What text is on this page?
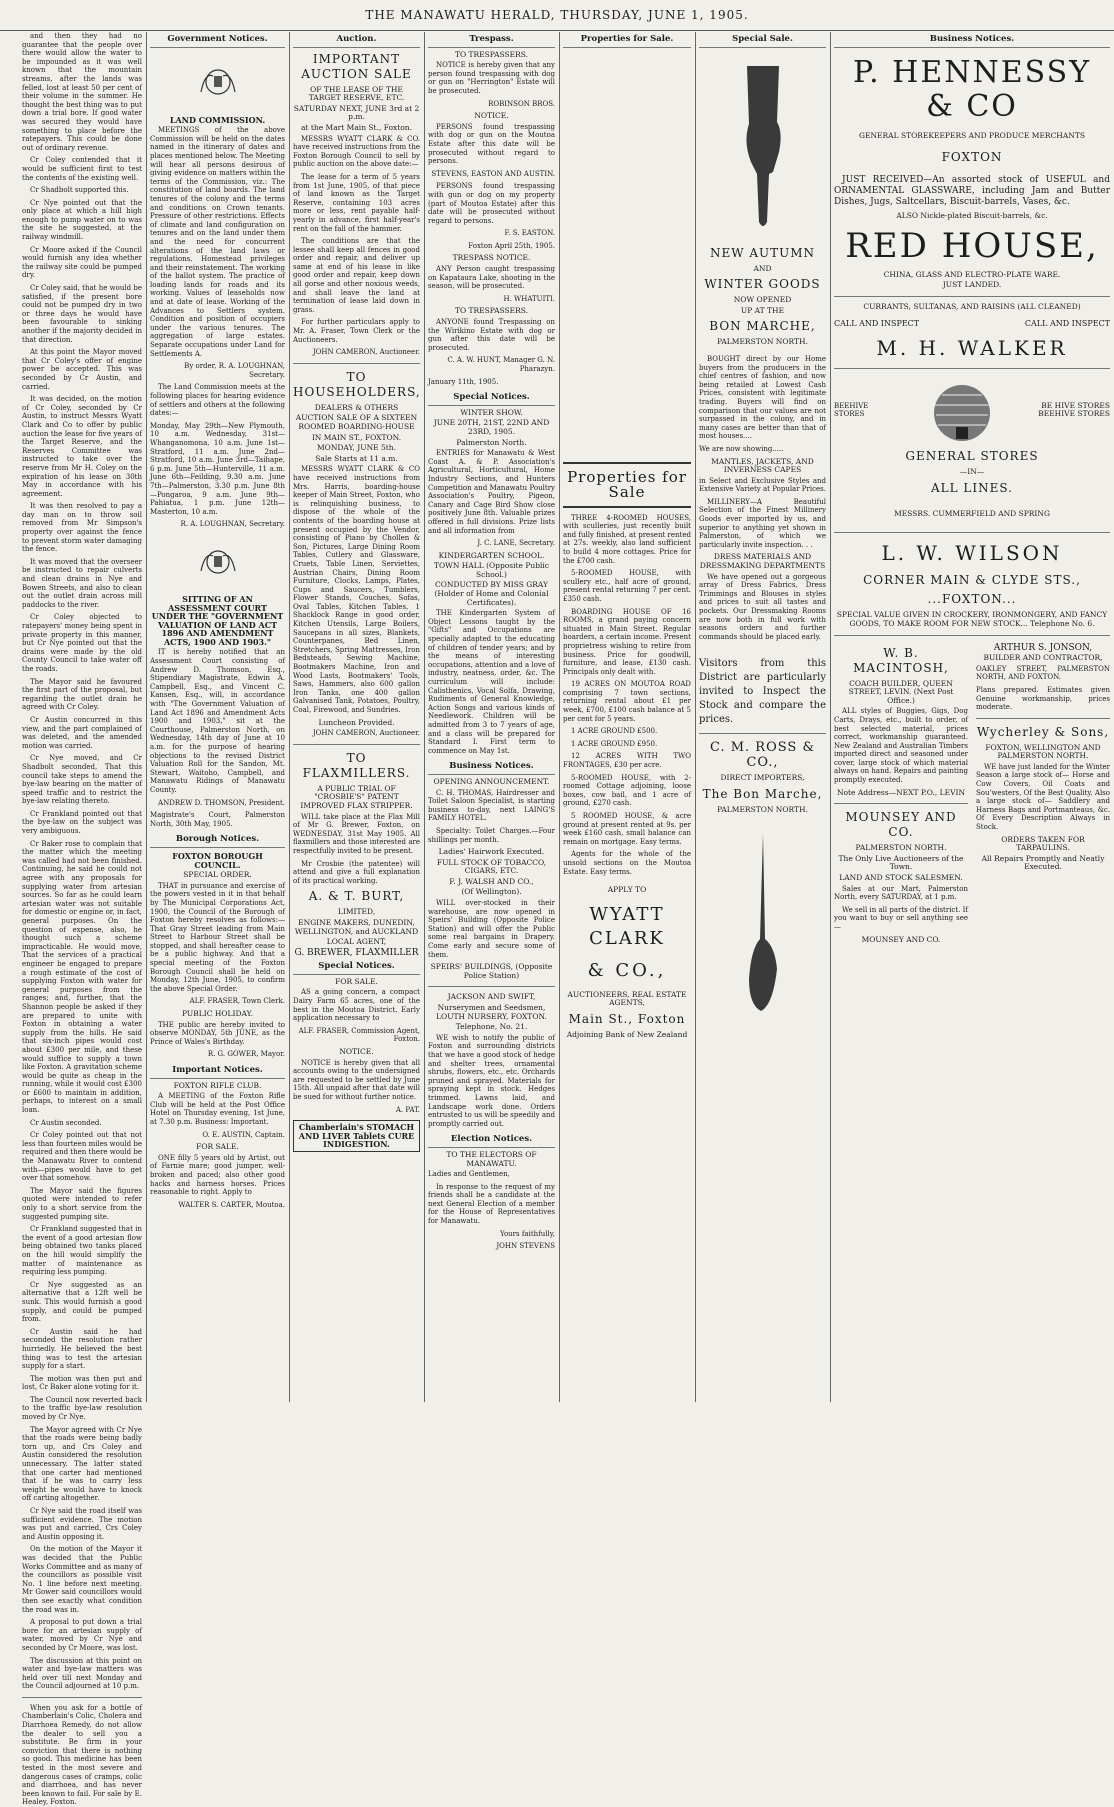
THE MANAWATU HERALD, THURSDAY, JUNE 1, 1905.

and then they had no guarantee that the people over there would allow the water to be impounded as it was well known that the mountain streams, after the lands was felled, lost at least 50 per cent of their volume in the summer. He thought the best thing was to put down a trial bore. If good water was secured they would have something to place before the ratepayers. This could be done out of ordinary revenue.

Cr Coley contended that it would be sufficient first to test the contents of the existing well.

Cr Shadbolt supported this.

Cr Nye pointed out that the only place at which a hill high enough to pump water on to was the site he suggested, at the railway windmill.

Cr Moore asked if the Council would furnish any idea whether the railway site could be pumped dry.

Cr Coley said, that he would be satisfied, if the present bore could not be pumped dry in two or three days he would have been favourable to sinking another if the majority decided in that direction.

At this point the Mayor moved that Cr Coley's offer of engine power be accepted. This was seconded by Cr Austin, and carried.

It was decided, on the motion of Cr Coley, seconded by Cr Austin, to instruct Messrs Wyatt Clark and Co to offer by public auction the lease for five years of the Target Reserve, and the Reserves Committee was instructed to take over the reserve from Mr H. Coley on the expiration of his lease on 30th May in accordance with his agreement.

It was then resolved to pay a day man on to throw soil removed from Mr Simpson's property over against the fence to prevent storm water damaging the fence.

It was moved that the overseer be instructed to repair culverts and clean drains in Nye and Bowen Streets, and also to clean out the outlet drain across mill paddocks to the river.

Cr Coley objected to ratepayers' money being spent in private property in this manner, but Cr Nye pointed out that the drains were made by the old County Council to take water off the roads.

The Mayor said he favoured the first part of the proposal, but regarding the outlet drain he agreed with Cr Coley.

Cr Austin concurred in this view, and the part complained of was deleted, and the amended motion was carried.

Cr Nye moved, and Cr Shadbolt seconded, That this council take steps to amend the bye-law bearing on the matter of speed traffic and to restrict the bye-law relating thereto.

Cr Frankland pointed out that the bye-law on the subject was very ambiguous.

Cr Baker rose to complain that the matter which the meeting was called had not been finished. Continuing, he said he could not agree with any proposals for supplying water from artesian sources. So far as he could learn artesian water was not suitable for domestic or engine or, in fact, general purposes. On the question of expense, also, he thought such a scheme impracticable. He would move, That the services of a practical engineer be engaged to prepare a rough estimate of the cost of supplying Foxton with water for general purposes from the ranges; and, further, that the Shannon people be asked if they are prepared to unite with Foxton in obtaining a water supply from the hills. He said that six-inch pipes would cost about £300 per mile, and these would suffice to supply a town like Foxton. A gravitation scheme would be quite as cheap in the running, while it would cost £300 or £600 to maintain in addition, perhaps, to interest on a small loan.

Cr Austin seconded.

Cr Coley pointed out that not less than fourteen miles would be required and then there would be the Manawatu River to contend with—pipes would have to get over that somehow.

The Mayor said the figures quoted were intended to refer only to a short service from the suggested pumping site.

Cr Frankland suggested that in the event of a good artesian flow being obtained two tanks placed on the hill would simplify the matter of maintenance as requiring less pumping.

Cr Nye suggested as an alternative that a 12ft well be sunk. This would furnish a good supply, and could be pumped from.

Cr Austin said he had seconded the resolution rather hurriedly. He believed the best thing was to test the artesian supply for a start.

The motion was then put and lost, Cr Baker alone voting for it.

The Council now reverted back to the traffic bye-law resolution moved by Cr Nye.

The Mayor agreed with Cr Nye that the roads were being badly torn up, and Crs Coley and Austin considered the resolution unnecessary. The latter stated that one carter had mentioned that if he was to carry less weight he would have to knock off carting altogether.

Cr Nye said the road itself was sufficient evidence. The motion was put and carried, Crs Coley and Austin opposing it.

On the motion of the Mayor it was decided that the Public Works Committee and as many of the councillors as possible visit No. 1 line before next meeting. Mr Gower said councillors would then see exactly what condition the road was in.

A proposal to put down a trial bore for an artesian supply of water, moved by Cr Nye and seconded by Cr Moore, was lost.

The discussion at this point on water and bye-law matters was held over till next Monday and the Council adjourned at 10 p.m.

When you ask for a bottle of Chamberlain's Colic, Cholera and Diarrhoea Remedy, do not allow the dealer to sell you a substitute. Be firm in your conviction that there is nothing so good. This medicine has been tested in the most severe and dangerous cases of cramps, colic and diarrhoea, and has never been known to fail. For sale by E. Healey, Foxton.

Government Notices.
LAND COMMISSION.

MEETINGS of the above Commission will be held on the dates named in the itinerary of dates and places mentioned below. The Meeting will hear all persons desirous of giving evidence on matters within the terms of the Commission, viz.: The constitution of land boards. The land tenures of the colony and the terms and conditions on Crown tenants. Pressure of other restrictions. Effects of climate and land configuration on tenures and on the land under them and the need for concurrent alterations of the land laws or regulations. Homestead privileges and their reinstatement. The working of the ballot system. The practice of loading lands for roads and its working. Values of leaseholds now and at date of lease. Working of the Advances to Settlers system. Condition and position of occupiers under the various tenures. The aggregation of large estates. Separate occupations under Land for Settlements A.

By order, R. A. LOUGHNAN, Secretary.

The Land Commission meets at the following places for hearing evidence of settlers and others at the following dates:—

Monday, May 29th—New Plymouth, 10 a.m. Wednesday, 31st—Whanganomona, 10 a.m. June 1st—Stratford, 11 a.m. June 2nd—Stratford, 10 a.m. June 3rd—Taihape, 6 p.m. June 5th—Hunterville, 11 a.m. June 6th—Feilding, 9.30 a.m. June 7th—Palmerston, 3.30 p.m. June 8th—Pongaroa, 9 a.m. June 9th—Pahiatua, 1 p.m. June 12th—Masterton, 10 a.m.

R. A. LOUGHNAN, Secretary.

SITTING OF AN ASSESSMENT COURT UNDER THE "GOVERNMENT VALUATION OF LAND ACT 1896 AND AMENDMENT ACTS, 1900 AND 1903."

IT is hereby notified that an Assessment Court consisting of Andrew D. Thomson, Esq., Stipendiary Magistrate, Edwin A. Campbell, Esq., and Vincent C. Kansen, Esq., will, in accordance with "The Government Valuation of Land Act 1896 and Amendment Acts 1900 and 1903," sit at the Courthouse, Palmerston North, on Wednesday, 14th day of June at 10 a.m. for the purpose of hearing objections to the revised District Valuation Roll for the Sandon, Mt. Stewart, Waitoho, Campbell, and Manawatu Ridings of Manawatu County.

ANDREW D. THOMSON, President.

Magistrate's Court, Palmerston North, 30th May, 1905.

Borough Notices.
FOXTON BOROUGH COUNCIL.
SPECIAL ORDER.

THAT in pursuance and exercise of the powers vested in it in that behalf by The Municipal Corporations Act, 1900, the Council of the Borough of Foxton hereby resolves as follows:— That Gray Street leading from Main Street to Harbour Street shall be stopped, and shall hereafter cease to be a public highway. And that a special meeting of the Foxton Borough Council shall be held on Monday, 12th June, 1905, to confirm the above Special Order.

ALF. FRASER, Town Clerk.

PUBLIC HOLIDAY.

THE public are hereby invited to observe MONDAY, 5th JUNE, as the Prince of Wales's Birthday.

R. G. GOWER, Mayor.

Important Notices.
FOXTON RIFLE CLUB.

A MEETING of the Foxton Rifle Club will be held at the Post Office Hotel on Thursday evening, 1st June, at 7.30 p.m. Business: Important.

O. E. AUSTIN, Captain.

FOR SALE.

ONE filly 5 years old by Artist, out of Farnie mare; good jumper, well-broken and paced; also other good hacks and harness horses. Prices reasonable to right. Apply to

WALTER S. CARTER, Moutoa.

Auction.
IMPORTANT AUCTION SALE
OF THE LEASE OF THE TARGET RESERVE, ETC.
SATURDAY NEXT, JUNE 3rd at 2 p.m.
at the Mart Main St., Foxton.

MESSRS WYATT CLARK & CO. have received instructions from the Foxton Borough Council to sell by public auction on the above date:—

The lease for a term of 5 years from 1st June, 1905, of that piece of land known as the Target Reserve, containing 103 acres more or less, rent payable half-yearly in advance, first half-year's rent on the fall of the hammer.

The conditions are that the lessee shall keep all fences in good order and repair, and deliver up same at end of his lease in like good order and repair, keep down all gorse and other noxious weeds, and shall leave the land at termination of lease laid down in grass.

For further particulars apply to Mr. A. Fraser, Town Clerk or the Auctioneers.

JOHN CAMERON, Auctioneer.

TO HOUSEHOLDERS,
DEALERS & OTHERS
AUCTION SALE OF A SIXTEEN ROOMED BOARDING-HOUSE
IN MAIN ST., FOXTON.
MONDAY, JUNE 5th.
Sale Starts at 11 a.m.

MESSRS WYATT CLARK & CO have received instructions from Mrs. Harris, boarding-house keeper of Main Street, Foxton, who is relinquishing business, to dispose of the whole of the contents of the boarding house at present occupied by the Vendor, consisting of Piano by Chollen & Son, Pictures, Large Dining Room Tables, Cutlery and Glassware, Cruets, Table Linen, Serviettes, Austrian Chairs, Dining Room Furniture, Clocks, Lamps, Plates, Cups and Saucers, Tumblers, Flower Stands, Couches, Sofas, Oval Tables, Kitchen Tables, 1 Shacklock Range in good order, Kitchen Utensils, Large Boilers, Saucepans in all sizes, Blankets, Counterpanes, Bed Linen, Stretchers, Spring Mattresses, Iron Bedsteads, Sewing Machine, Bootmakers Machine, Iron and Wood Lasts, Bootmakers' Tools, Saws, Hammers, also 600 gallon Iron Tanks, one 400 gallon Galvanised Tank, Potatoes, Poultry, Coal, Firewood, and Sundries.

Luncheon Provided.

JOHN CAMERON, Auctioneer.

TO FLAXMILLERS.
A PUBLIC TRIAL OF "CROSBIE'S" PATENT IMPROVED FLAX STRIPPER.

WILL take place at the Flax Mill of Mr G. Brewer, Foxton, on WEDNESDAY, 31st May 1905. All flaxmillers and those interested are respectfully invited to be present.

Mr Crosbie (the patentee) will attend and give a full explanation of its practical working.

A. & T. BURT,
LIMITED,
ENGINE MAKERS, DUNEDIN, WELLINGTON, and AUCKLAND
LOCAL AGENT,
G. BREWER, FLAXMILLER
Special Notices.
FOR SALE.

AS a going concern, a compact Dairy Farm 65 acres, one of the best in the Moutoa District. Early application necessary to

ALF. FRASER, Commission Agent, Foxton.

NOTICE.

NOTICE is hereby given that all accounts owing to the undersigned are requested to be settled by June 15th. All unpaid after that date will be sued for without further notice.

A. PAT.

Chamberlain's STOMACH AND LIVER Tablets CURE INDIGESTION.
Trespass.
TO TRESPASSERS.

NOTICE is hereby given that any person found trespassing with dog or gun on "Herrington" Estate will be prosecuted.

ROBINSON BROS.

NOTICE.

PERSONS found trespassing with dog or gun on the Moutoa Estate after this date will be prosecuted without regard to persons.

STEVENS, EASTON AND AUSTIN.

PERSONS found trespassing with gun or dog on my property (part of Moutoa Estate) after this date will be prosecuted without regard to persons.

F. S. EASTON.

Foxton April 25th, 1905.

TRESPASS NOTICE.

ANY Person caught trespassing on Kapataura Lake, shooting in the season, will be prosecuted.

H. WHATUITI.

TO TRESPASSERS.

ANYONE found Trespassing on the Wirikino Estate with dog or gun after this date will be prosecuted.

C. A. W. HUNT, Manager G. N. Pharazyn.

January 11th, 1905.

Special Notices.
WINTER SHOW.
JUNE 20TH, 21ST, 22ND AND 23RD, 1905.
Palmerston North.

ENTRIES for Manawatu & West Coast A. & P. Association's Agricultural, Horticultural, Home Industry Sections, and Hunters Competition and Manawatu Poultry Association's Poultry, Pigeon, Canary and Cage Bird Show close positively June 8th. Valuable prizes offered in full divisions. Prize lists and all information from

J. C. LANE, Secretary.

KINDERGARTEN SCHOOL.
TOWN HALL (Opposite Public School.)
CONDUCTED BY MISS GRAY (Holder of Home and Colonial Certificates).

THE Kindergarten System of Object Lessons taught by the "Gifts" and Occupations are specially adapted to the educating of children of tender years; and by the means of interesting occupations, attention and a love of industry, neatness, order, &c. The curriculum will include: Calisthenics, Vocal Solfa, Drawing, Rudiments of General Knowledge, Action Songs and various kinds of Needlework. Children will be admitted from 3 to 7 years of age, and a class will be prepared for Standard I. First term to commence on May 1st.

Business Notices.
OPENING ANNOUNCEMENT.

C. H. THOMAS, Hairdresser and Toilet Saloon Specialist, is starting business to-day, next LAING'S FAMILY HOTEL.

Specialty: Toilet Charges.—Four shillings per month.

Ladies' Hairwork Executed.
FULL STOCK OF TOBACCO, CIGARS, ETC.
F. J. WALSH AND CO.,
(Of Wellington).

WILL over-stocked in their warehouse, are now opened in Speirs' Building (Opposite Police Station) and will offer the Public some real bargains in Drapery. Come early and secure some of them.

SPEIRS' BUILDINGS, (Opposite Police Station)
JACKSON AND SWIFT,
Nurserymen and Seedsmen, LOUTH NURSERY, FOXTON.
Telephone, No. 21.

WE wish to notify the public of Foxton and surrounding districts that we have a good stock of hedge and shelter trees, ornamental shrubs, flowers, etc., etc. Orchards pruned and sprayed. Materials for spraying kept in stock. Hedges trimmed. Lawns laid, and Landscape work done. Orders entrusted to us will be speedily and promptly carried out.

Election Notices.
TO THE ELECTORS OF MANAWATU.

Ladies and Gentlemen,

In response to the request of my friends shall be a candidate at the next General Election of a member for the House of Representatives for Manawatu.

Yours faithfully,

JOHN STEVENS

Properties for Sale.
Properties for Sale

THREE 4-ROOMED HOUSES, with sculleries, just recently built and fully finished, at present rented at 27s. weekly, also land sufficient to build 4 more cottages. Price for the £700 cash.

5-ROOMED HOUSE, with scullery etc., half acre of ground, present rental returning 7 per cent. £350 cash.

BOARDING HOUSE OF 16 ROOMS, a grand paying concern situated in Main Street. Regular boarders, a certain income. Present proprietress wishing to retire from business. Price for goodwill, furniture, and lease, £130 cash. Principals only dealt with.

19 ACRES ON MOUTOA ROAD comprising 7 town sections, returning rental about £1 per week, £700, £100 cash balance at 5 per cent for 5 years.

1 ACRE GROUND £500.

1 ACRE GROUND £950.

12 ACRES WITH TWO FRONTAGES, £30 per acre.

5-ROOMED HOUSE, with 2-roomed Cottage adjoining, loose boxes, cow bail, and 1 acre of ground, £270 cash.

5 ROOMED HOUSE, & acre ground at present rented at 9s. per week £160 cash, small balance can remain on mortgage. Easy terms.

Agents for the whole of the unsold sections on the Moutoa Estate. Easy terms.

APPLY TO
WYATT CLARK
& CO.,
AUCTIONEERS, REAL ESTATE AGENTS,
Main St., Foxton
Adjoining Bank of New Zealand
Special Sale.
NEW AUTUMN
AND
WINTER GOODS
NOW OPENED
UP AT THE
BON MARCHE,
PALMERSTON NORTH.

BOUGHT direct by our Home buyers from the producers in the chief centres of fashion, and now being retailed at Lowest Cash Prices, consistent with legitimate trading. Buyers will find on comparison that our values are not surpassed in the colony, and in many cases are better than that of most houses....

We are now showing.....

MANTLES, JACKETS, AND INVERNESS CAPES

in Select and Exclusive Styles and Extensive Variety at Popular Prices.

MILLINERY—A Beautiful Selection of the Finest Millinery Goods ever imported by us, and superior to anything yet shown in Palmerston, of which we particularly invite inspection. . .

DRESS MATERIALS AND DRESSMAKING DEPARTMENTS

We have opened out a gorgeous array of Dress Fabrics, Dress Trimmings and Blouses in styles and prices to suit all tastes and pockets. Our Dressmaking Rooms are now both in full work with seasons orders and further commands should be placed early.

Visitors from this District are particularly invited to Inspect the Stock and compare the prices.

C. M. ROSS & CO.,
DIRECT IMPORTERS,
The Bon Marche,
PALMERSTON NORTH.
Business Notices.
P. HENNESSY & CO
GENERAL STOREKEEPERS AND PRODUCE MERCHANTS
FOXTON

JUST RECEIVED—An assorted stock of USEFUL and ORNAMENTAL GLASSWARE, including Jam and Butter Dishes, Jugs, Saltcellars, Biscuit-barrels, Vases, &c.

ALSO Nickle-plated Biscuit-barrels, &c.
RED HOUSE,
CHINA, GLASS AND ELECTRO-PLATE WARE.
JUST LANDED.
CURRANTS, SULTANAS, AND RAISINS (ALL CLEANED)
CALL AND INSPECT	CALL AND INSPECT
M. H. WALKER
BEEHIVE STORES
BE HIVE STORES BEEHIVE STORES
GENERAL STORES
—IN—
ALL LINES.
MESSRS. CUMMERFIELD AND SPRING
L. W. WILSON
CORNER MAIN & CLYDE STS.,
...FOXTON...

SPECIAL VALUE GIVEN IN CROCKERY, IRONMONGERY, AND FANCY GOODS, TO MAKE ROOM FOR NEW STOCK... Telephone No. 6.

W. B. MACINTOSH,
COACH BUILDER, QUEEN STREET, LEVIN. (Next Post Office.)

ALL styles of Buggies, Gigs, Dog Carts, Drays, etc., built to order, of best selected material, prices correct, workmanship guaranteed. New Zealand and Australian Timbers imported direct and seasoned under cover, large stock of which material always on hand. Repairs and painting promptly executed.

Note Address—NEXT P.O., LEVIN
MOUNSEY AND CO.
PALMERSTON NORTH.
The Only Live Auctioneers of the Town.
LAND AND STOCK SALESMEN.

Sales at our Mart, Palmerston North, every SATURDAY, at 1 p.m.

We sell in all parts of the district. If you want to buy or sell anything see—

MOUNSEY AND CO.
ARTHUR S. JONSON,
BUILDER AND CONTRACTOR,

OAKLEY STREET, PALMERSTON NORTH, AND FOXTON.

Plans prepared. Estimates given Genuine workmanship, prices moderate.

Wycherley & Sons,
FOXTON, WELLINGTON AND PALMERSTON NORTH.

WE have just landed for the Winter Season a large stock of— Horse and Cow Covers, Oil Coats and Sou'westers, Of the Best Quality. Also a large stock of— Saddlery and Harness Bags and Portmanteaus, &c. Of Every Description Always in Stock.

ORDERS TAKEN FOR TARPAULINS.
All Repairs Promptly and Neatly Executed.
